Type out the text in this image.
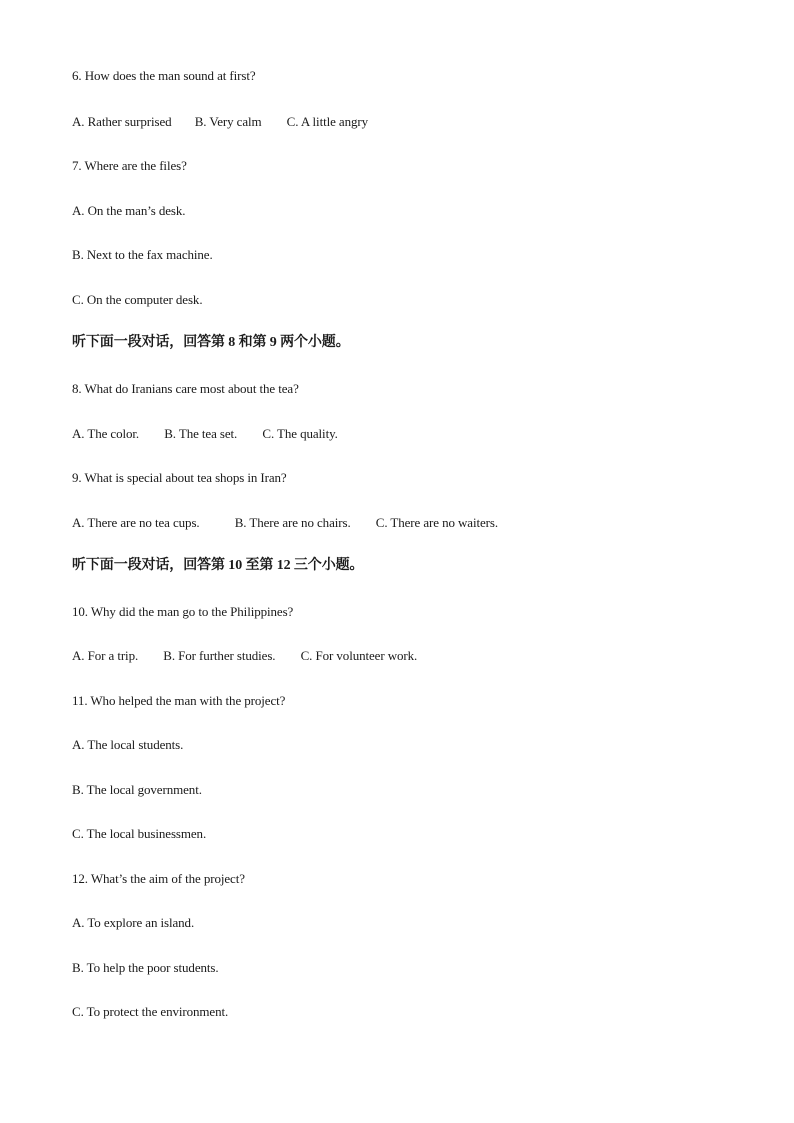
6. How does the man sound at first?
A. Rather surprised B. Very calm C. A little angry
7. Where are the files?
A. On the man’s desk.
B. Next to the fax machine.
C. On the computer desk.
听下面一段对话，回答第 8 和第 9 两个小题。
8. What do Iranians care most about the tea?
A. The color. B. The tea set. C. The quality.
9. What is special about tea shops in Iran?
A. There are no tea cups.	B. There are no chairs. C. There are no waiters.
听下面一段对话，回答第 10 至第 12 三个小题。
10. Why did the man go to the Philippines?
A. For a trip. B. For further studies. C. For volunteer work.
11. Who helped the man with the project?
A. The local students.
B. The local government.
C. The local businessmen.
12. What’s the aim of the project?
A. To explore an island.
B. To help the poor students.
C. To protect the environment.
